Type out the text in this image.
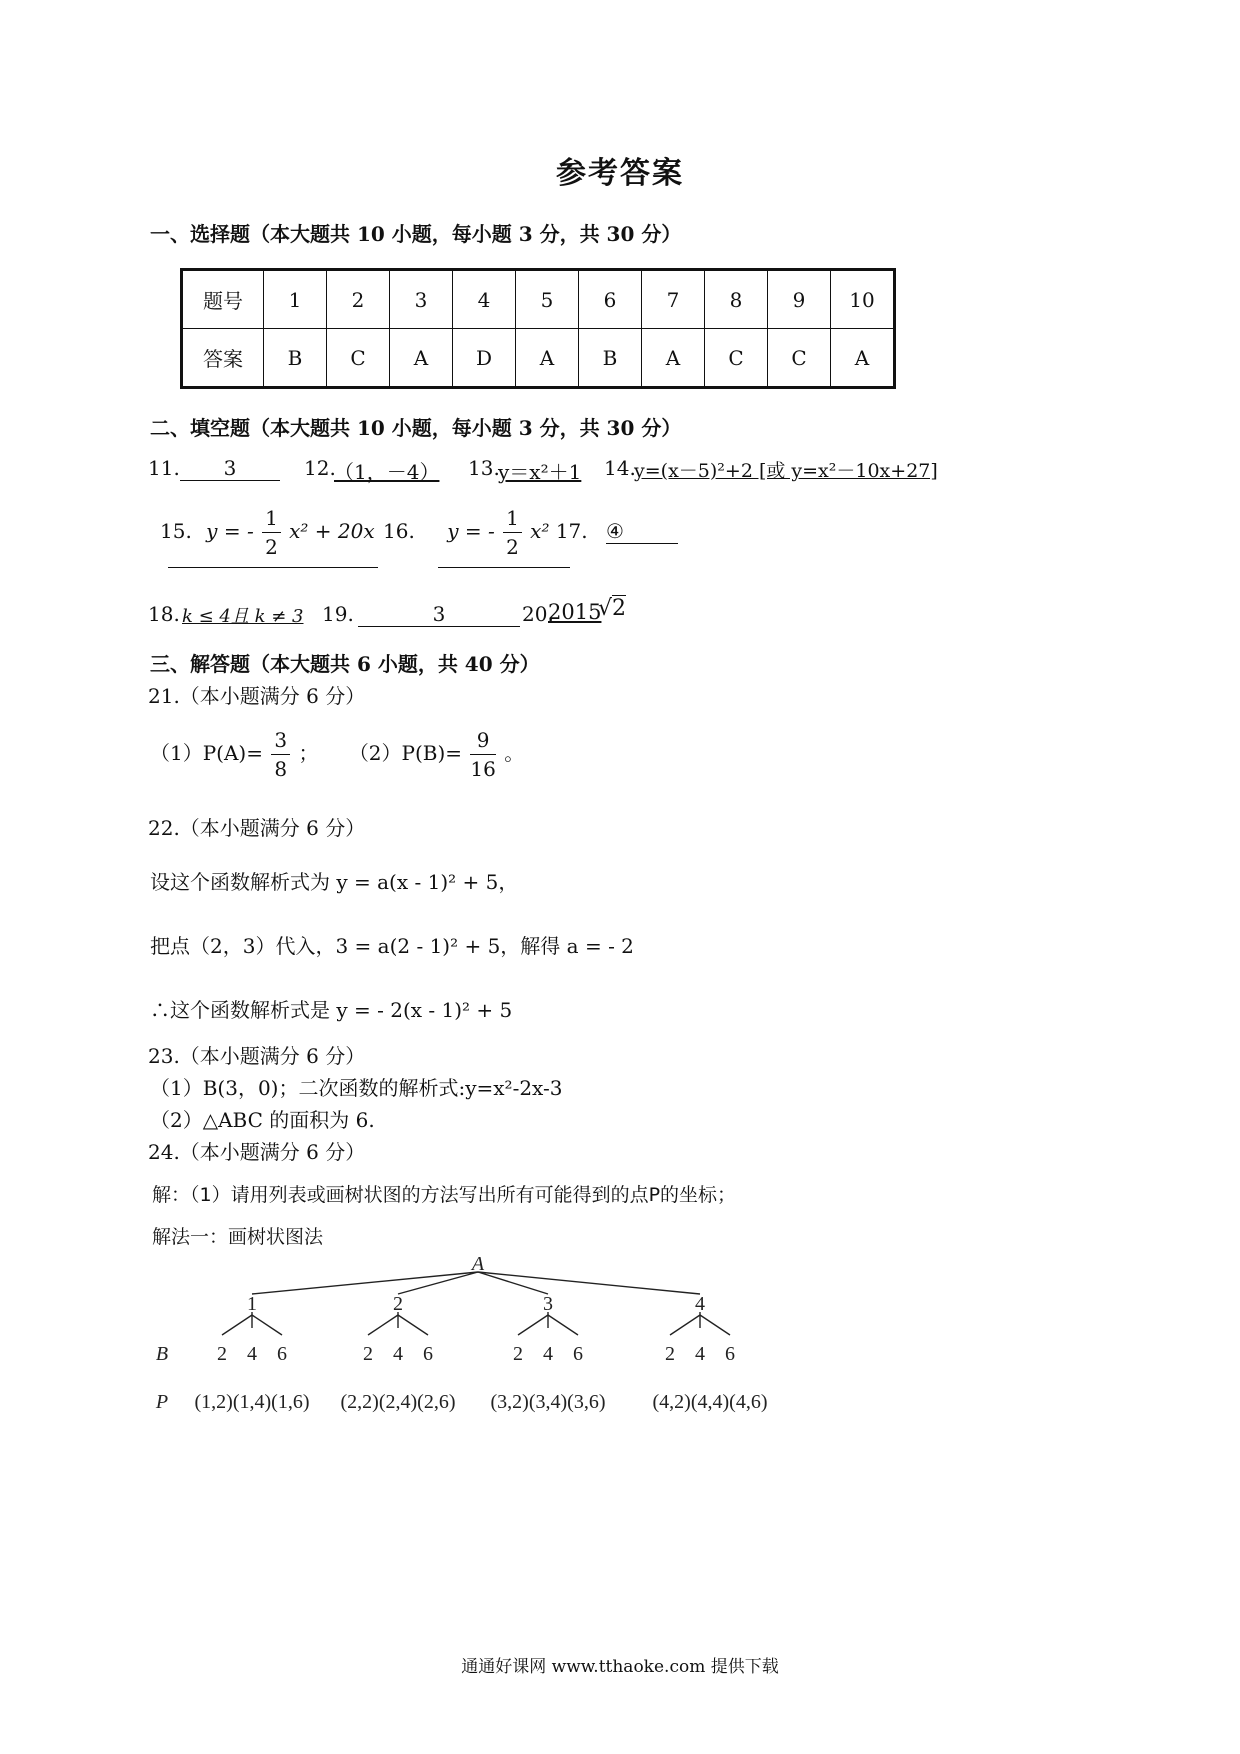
参考答案
一、选择题（本大题共 10 小题，每小题 3 分，共 30 分）
题号	1	2	3	4	5	6	7	8	9	10
答案	B	C	A	D	A	B	A	C	C	A
二、填空题（本大题共 10 小题，每小题 3 分，共 30 分）
11.	3	12.
（1，－4） 13.
y＝x²＋1 14.
y=(x－5)²+2 [或 y=x²－10x+27]
15. y = - $\frac{1}{2} x^2 + 20x$ 16. y = - $\frac{1}{2} x^2$ 17. ④
18. k ≤ 4且 k ≠ 3 19.	3	20.
2015
√2
三、解答题（本大题共 6 小题，共 40 分）
21.（本小题满分 6 分）
$(1)P(A)= \frac{3}{8}$ ； $(2)P(B)= \frac{9}{16}$ 。
22.（本小题满分 6 分）
设这个函数解析式为 y = a(x - 1)² + 5，
把点（2，3）代入，3 = a(2 - 1)² + 5，解得 a = - 2
∴这个函数解析式是 y = - 2(x - 1)² + 5
23.（本小题满分 6 分）
（1）B(3，0)；二次函数的解析式:y=x²-2x-3
（2）△ABC 的面积为 6.
24.（本小题满分 6 分）
解：（1）请用列表或画树状图的方法写出所有可能得到的点P的坐标；
解法一：画树状图法
A
1	2	3	4
B 2 4 6	2 4 6	2 4 6	2 4 6
P (1,2)(1,4)(1,6) (2,2)(2,4)(2,6) (3,2)(3,4)(3,6) (4,2)(4,4)(4,6)
通通好课网 www.tthaoke.com 提供下载
